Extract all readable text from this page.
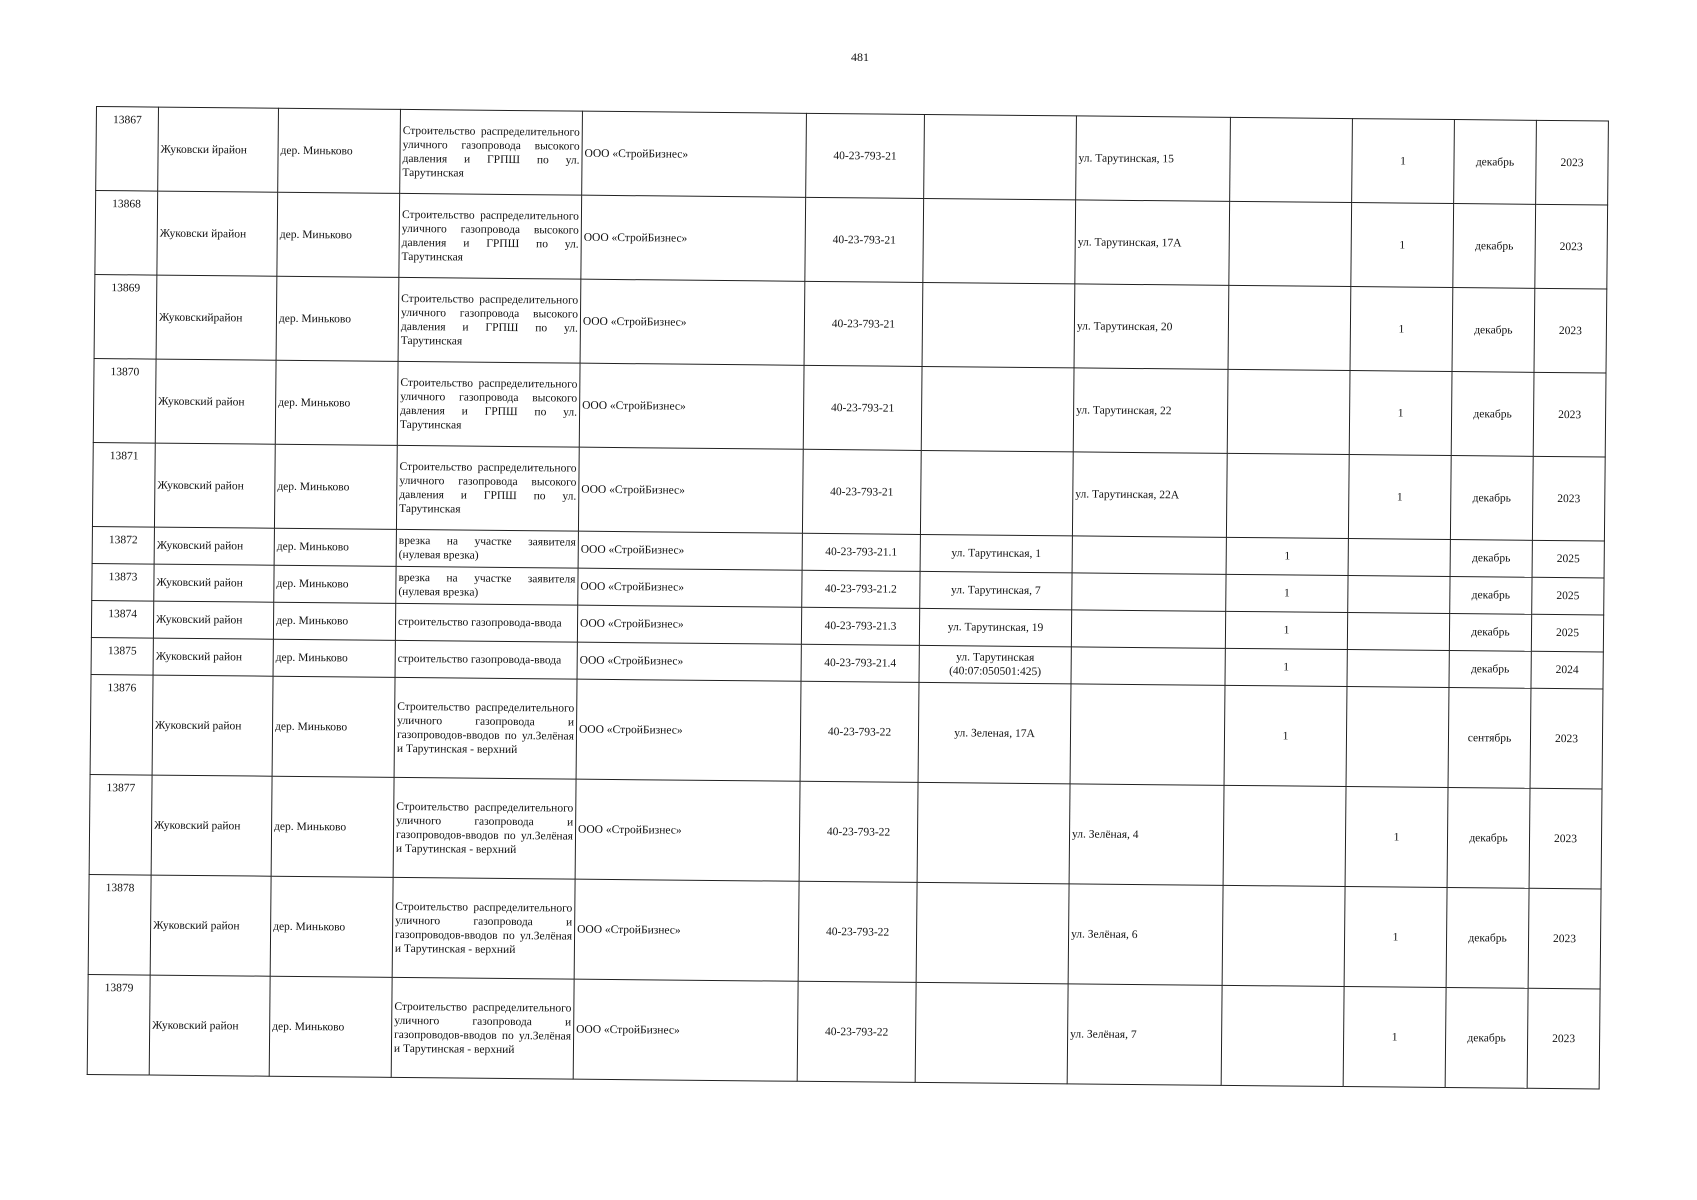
481
13867	Жуковски йрайон	дер. Миньково	Строительство распределительного уличного газопровода высокого давления и ГРПШ по ул. Тарутинская	ООО «СтройБизнес»	40-23-793-21		ул. Тарутинская, 15		1	декабрь	2023
13868	Жуковски йрайон	дер. Миньково	Строительство распределительного уличного газопровода высокого давления и ГРПШ по ул. Тарутинская	ООО «СтройБизнес»	40-23-793-21		ул. Тарутинская, 17А		1	декабрь	2023
13869	Жуковскийрайон	дер. Миньково	Строительство распределительного уличного газопровода высокого давления и ГРПШ по ул. Тарутинская	ООО «СтройБизнес»	40-23-793-21		ул. Тарутинская, 20		1	декабрь	2023
13870	Жуковский район	дер. Миньково	Строительство распределительного уличного газопровода высокого давления и ГРПШ по ул. Тарутинская	ООО «СтройБизнес»	40-23-793-21		ул. Тарутинская, 22		1	декабрь	2023
13871	Жуковский район	дер. Миньково	Строительство распределительного уличного газопровода высокого давления и ГРПШ по ул. Тарутинская	ООО «СтройБизнес»	40-23-793-21		ул. Тарутинская, 22А		1	декабрь	2023
13872	Жуковский район	дер. Миньково	врезка на участке заявителя (нулевая врезка)	ООО «СтройБизнес»	40-23-793-21.1	ул. Тарутинская, 1		1		декабрь	2025
13873	Жуковский район	дер. Миньково	врезка на участке заявителя (нулевая врезка)	ООО «СтройБизнес»	40-23-793-21.2	ул. Тарутинская, 7		1		декабрь	2025
13874	Жуковский район	дер. Миньково	строительство газопровода-ввода	ООО «СтройБизнес»	40-23-793-21.3	ул. Тарутинская, 19		1		декабрь	2025
13875	Жуковский район	дер. Миньково	строительство газопровода-ввода	ООО «СтройБизнес»	40-23-793-21.4	ул. Тарутинская (40:07:050501:425)		1		декабрь	2024
13876	Жуковский район	дер. Миньково	Строительство распределительного уличного газопровода и газопроводов-вводов по ул.Зелёная и Тарутинская - верхний	ООО «СтройБизнес»	40-23-793-22	ул. Зеленая, 17А		1		сентябрь	2023
13877	Жуковский район	дер. Миньково	Строительство распределительного уличного газопровода и газопроводов-вводов по ул.Зелёная и Тарутинская - верхний	ООО «СтройБизнес»	40-23-793-22		ул. Зелёная, 4		1	декабрь	2023
13878	Жуковский район	дер. Миньково	Строительство распределительного уличного газопровода и газопроводов-вводов по ул.Зелёная и Тарутинская - верхний	ООО «СтройБизнес»	40-23-793-22		ул. Зелёная, 6		1	декабрь	2023
13879	Жуковский район	дер. Миньково	Строительство распределительного уличного газопровода и газопроводов-вводов по ул.Зелёная и Тарутинская - верхний	ООО «СтройБизнес»	40-23-793-22		ул. Зелёная, 7		1	декабрь	2023
